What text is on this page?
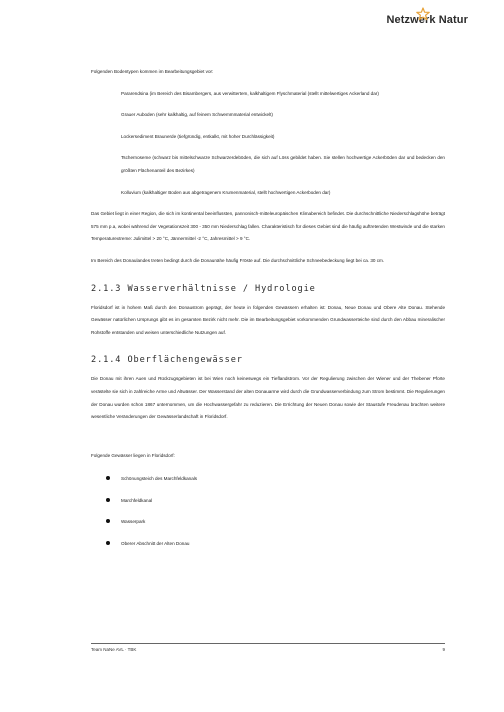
Netzwerk Natur

Folgenden Bodentypen kommen im Bearbeitungsgebiet vor:

Pararendsina (im Bereich des Bisambergers, aus verwittertem, kalkhaltigem Flyschmaterial (stellt mittelwertiges Ackerland dar)

Grauer Auboden (sehr kalkhaltig, auf feinem Schwemmmaterial entwickelt)

Lockersediment Braunerde (tiefgründig, entkalkt, mit hoher Durchlässigkeit)

Tschernoseme (schwarz bis mittelschwarze Schwarzerdeböden, die sich auf Löss gebildet haben. Sie stellen hochwertige Ackerböden dar und bedecken den größten Flächenanteil des Bezirkes)

Kolluvium (kalkhaltiger Boden aus abgetragenem Krumenmaterial, stellt hochwertigen Ackerboden dar)

Das Gebiet liegt in einer Region, die sich im kontinental beeinflussten, pannonisch-mitteleuropäischen Klimabereich befindet. Die durchschnittliche Niederschlagshöhe beträgt 575 mm p.a, wobei während der Vegetationszeit 300 - 350 mm Niederschlag fallen. Charakteristisch für dieses Gebiet sind die häufig auftretenden Westwinde und die starken Temperaturextreme: Julimittel > 20 °C, Jännermittel -2 °C, Jahresmittel > 9 °C.

Im Bereich des Donaulandes treten bedingt durch die Donaunähe häufig Fröste auf. Die durchschnittliche Schneebedeckung liegt bei ca. 30 cm.

2.1.3 Wasserverhältnisse / Hydrologie

Floridsdorf ist in hohem Maß durch den Donaustrom geprägt, der heute in folgenden Gewässern erhalten ist: Donau, Neue Donau und Obere Alte Donau. Stehende Gewässer natürlichen Ursprungs gibt es im gesamten Bezirk nicht mehr. Die im Bearbeitungsgebiet vorkommenden Grundwasserteiche sind durch den Abbau mineralischer Rohstoffe entstanden und weisen unterschiedliche Nutzungen auf.

2.1.4 Oberflächengewässer

Die Donau mit ihren Auen und Rückzugsgebieten ist bei Wien noch keineswegs ein Tieflandstrom. Vor der Regulierung zwischen der Wiener und der Thebener Pforte verästelte sie sich in zahlreiche Arme und Altwässer. Der Wasserstand der alten Donauarme wird durch die Grundwasserverbindung zum Strom bestimmt. Die Regulierungen der Donau wurden schon 1867 unternommen, um die Hochwassergefahr zu reduzieren. Die Errichtung der Neuen Donau sowie der Staustufe Freudenau brachten weitere wesentliche Veränderungen der Gewässerlandschaft in Floridsdorf.

Folgende Gewässer liegen in Floridsdorf:

Schönungsteich des Marchfeldkanals
Marchfeldkanal
Wasserpark
Oberer Abschnitt der Alten Donau
Team NaNe AVL · TBK	9
